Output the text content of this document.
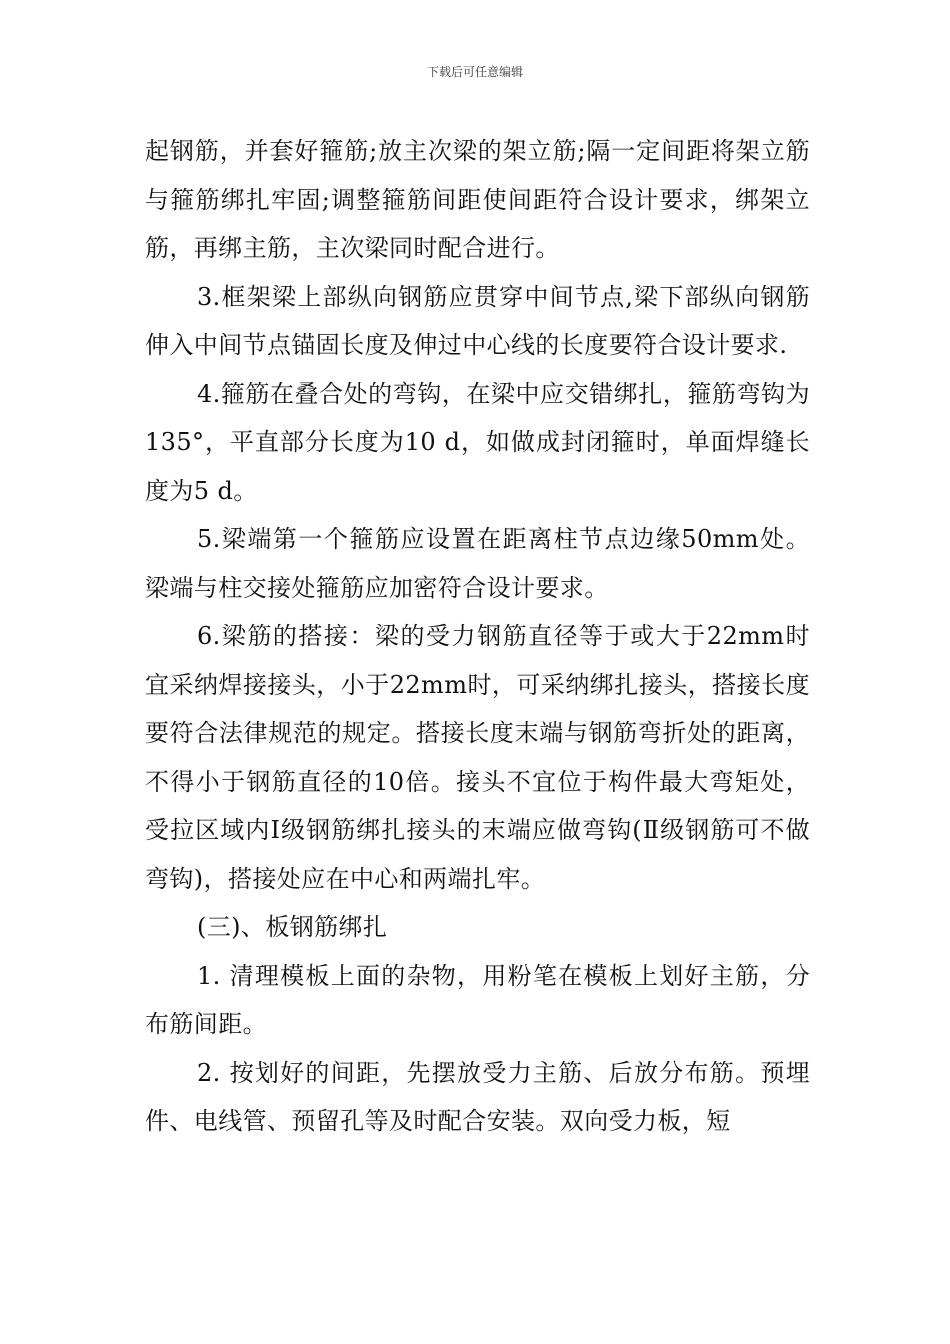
下载后可任意编辑

起钢筋，并套好箍筋;放主次梁的架立筋;隔一定间距将架立筋与箍筋绑扎牢固;调整箍筋间距使间距符合设计要求，绑架立筋，再绑主筋，主次梁同时配合进行。

3.框架梁上部纵向钢筋应贯穿中间节点,梁下部纵向钢筋伸入中间节点锚固长度及伸过中心线的长度要符合设计要求.

4.箍筋在叠合处的弯钩，在梁中应交错绑扎，箍筋弯钩为135°，平直部分长度为10 d，如做成封闭箍时，单面焊缝长度为5 d。

5.梁端第一个箍筋应设置在距离柱节点边缘50mm处。梁端与柱交接处箍筋应加密符合设计要求。

6.梁筋的搭接：梁的受力钢筋直径等于或大于22mm时宜采纳焊接接头，小于22mm时，可采纳绑扎接头，搭接长度要符合法律规范的规定。搭接长度末端与钢筋弯折处的距离，不得小于钢筋直径的10倍。接头不宜位于构件最大弯矩处，受拉区域内Ⅰ级钢筋绑扎接头的末端应做弯钩(Ⅱ级钢筋可不做弯钩)，搭接处应在中心和两端扎牢。

(三)、板钢筋绑扎

1. 清理模板上面的杂物，用粉笔在模板上划好主筋，分布筋间距。

2. 按划好的间距，先摆放受力主筋、后放分布筋。预埋件、电线管、预留孔等及时配合安装。双向受力板，短
